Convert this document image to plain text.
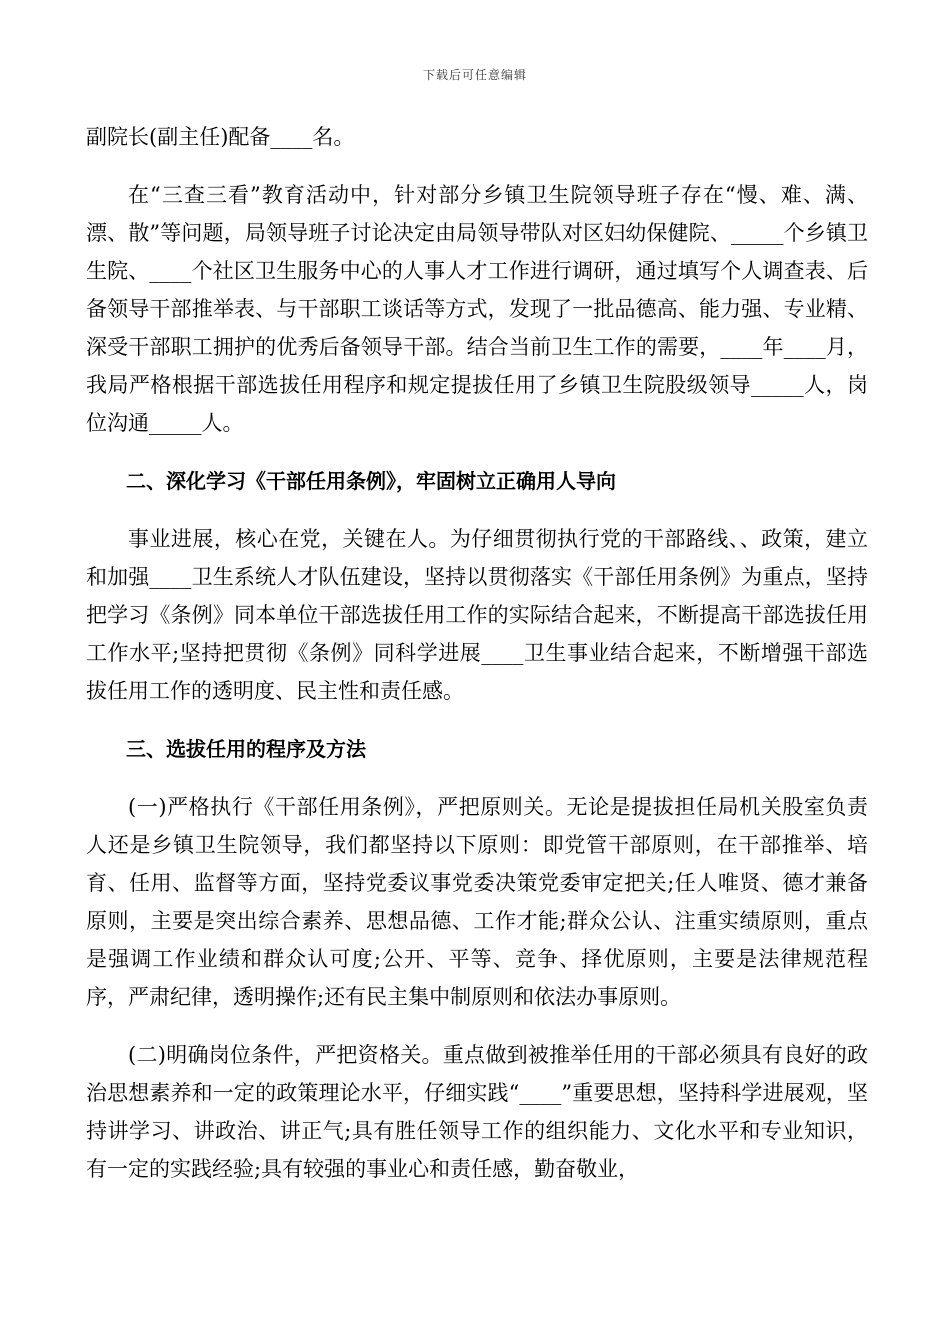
下载后可任意编辑

副院长(副主任)配备____名。

在“三查三看”教育活动中，针对部分乡镇卫生院领导班子存在“慢、难、满、漂、散”等问题，局领导班子讨论决定由局领导带队对区妇幼保健院、_____个乡镇卫生院、____个社区卫生服务中心的人事人才工作进行调研，通过填写个人调查表、后备领导干部推举表、与干部职工谈话等方式，发现了一批品德高、能力强、专业精、深受干部职工拥护的优秀后备领导干部。结合当前卫生工作的需要，____年____月，我局严格根据干部选拔任用程序和规定提拔任用了乡镇卫生院股级领导_____人，岗位沟通_____人。

二、深化学习《干部任用条例》，牢固树立正确用人导向

事业进展，核心在党，关键在人。为仔细贯彻执行党的干部路线、、政策，建立和加强____卫生系统人才队伍建设，坚持以贯彻落实《干部任用条例》为重点，坚持把学习《条例》同本单位干部选拔任用工作的实际结合起来，不断提高干部选拔任用工作水平;坚持把贯彻《条例》同科学进展____卫生事业结合起来，不断增强干部选拔任用工作的透明度、民主性和责任感。

三、选拔任用的程序及方法

(一)严格执行《干部任用条例》，严把原则关。无论是提拔担任局机关股室负责人还是乡镇卫生院领导，我们都坚持以下原则：即党管干部原则，在干部推举、培育、任用、监督等方面，坚持党委议事党委决策党委审定把关;任人唯贤、德才兼备原则，主要是突出综合素养、思想品德、工作才能;群众公认、注重实绩原则，重点是强调工作业绩和群众认可度;公开、平等、竞争、择优原则，主要是法律规范程序，严肃纪律，透明操作;还有民主集中制原则和依法办事原则。

(二)明确岗位条件，严把资格关。重点做到被推举任用的干部必须具有良好的政治思想素养和一定的政策理论水平，仔细实践“____”重要思想，坚持科学进展观，坚持讲学习、讲政治、讲正气;具有胜任领导工作的组织能力、文化水平和专业知识，有一定的实践经验;具有较强的事业心和责任感，勤奋敬业，
